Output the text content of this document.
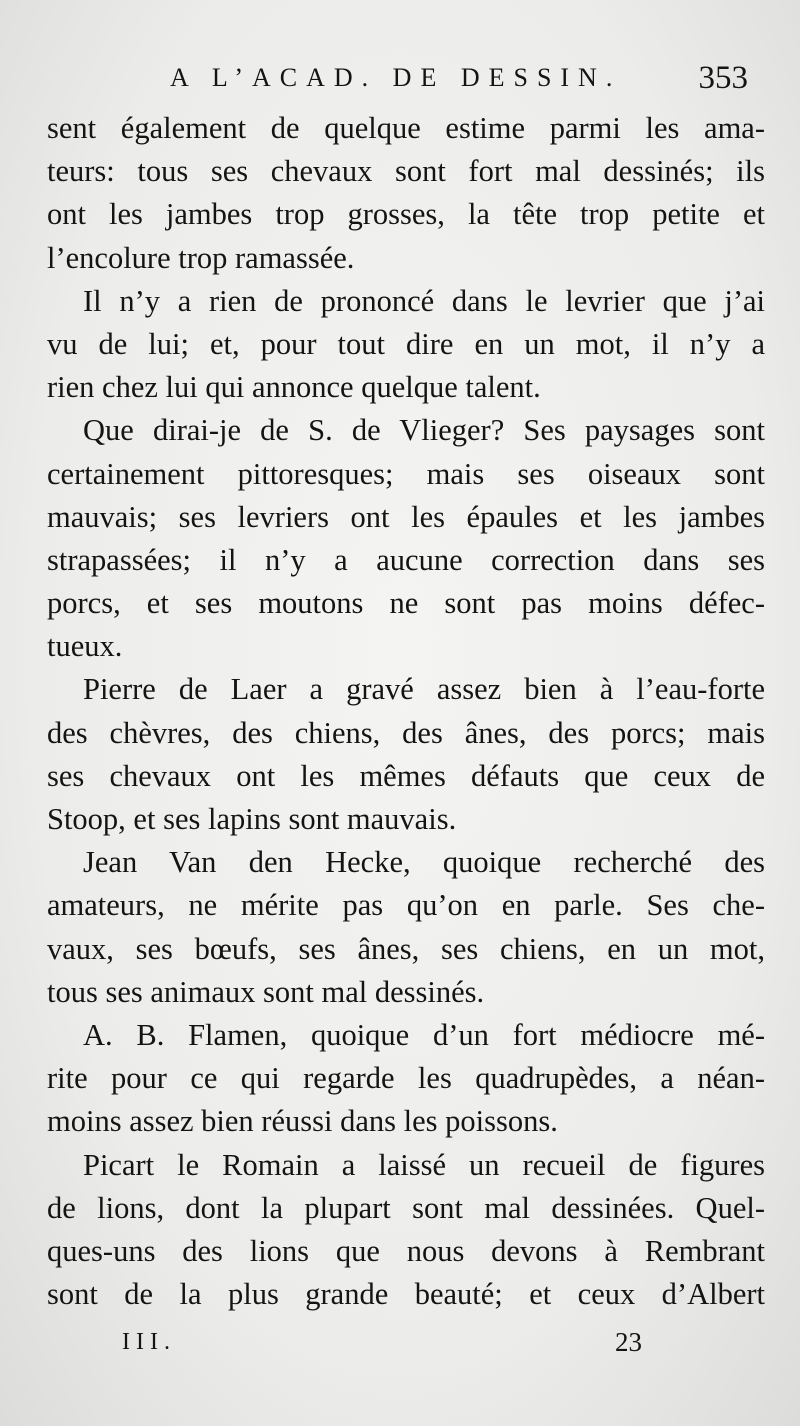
A L’ACAD. DE DESSIN. 353
sent également de quelque estime parmi les ama-
teurs: tous ses chevaux sont fort mal dessinés; ils
ont les jambes trop grosses, la tête trop petite et
l’encolure trop ramassée.
Il n’y a rien de prononcé dans le levrier que j’ai
vu de lui; et, pour tout dire en un mot, il n’y a
rien chez lui qui annonce quelque talent.
Que dirai-je de S. de Vlieger? Ses paysages sont
certainement pittoresques; mais ses oiseaux sont
mauvais; ses levriers ont les épaules et les jambes
strapassées; il n’y a aucune correction dans ses
porcs, et ses moutons ne sont pas moins défec-
tueux.
Pierre de Laer a gravé assez bien à l’eau-forte
des chèvres, des chiens, des ânes, des porcs; mais
ses chevaux ont les mêmes défauts que ceux de
Stoop, et ses lapins sont mauvais.
Jean Van den Hecke, quoique recherché des
amateurs, ne mérite pas qu’on en parle. Ses che-
vaux, ses bœufs, ses ânes, ses chiens, en un mot,
tous ses animaux sont mal dessinés.
A. B. Flamen, quoique d’un fort médiocre mé-
rite pour ce qui regarde les quadrupèdes, a néan-
moins assez bien réussi dans les poissons.
Picart le Romain a laissé un recueil de figures
de lions, dont la plupart sont mal dessinées. Quel-
ques-uns des lions que nous devons à Rembrant
sont de la plus grande beauté; et ceux d’Albert
III.	23
